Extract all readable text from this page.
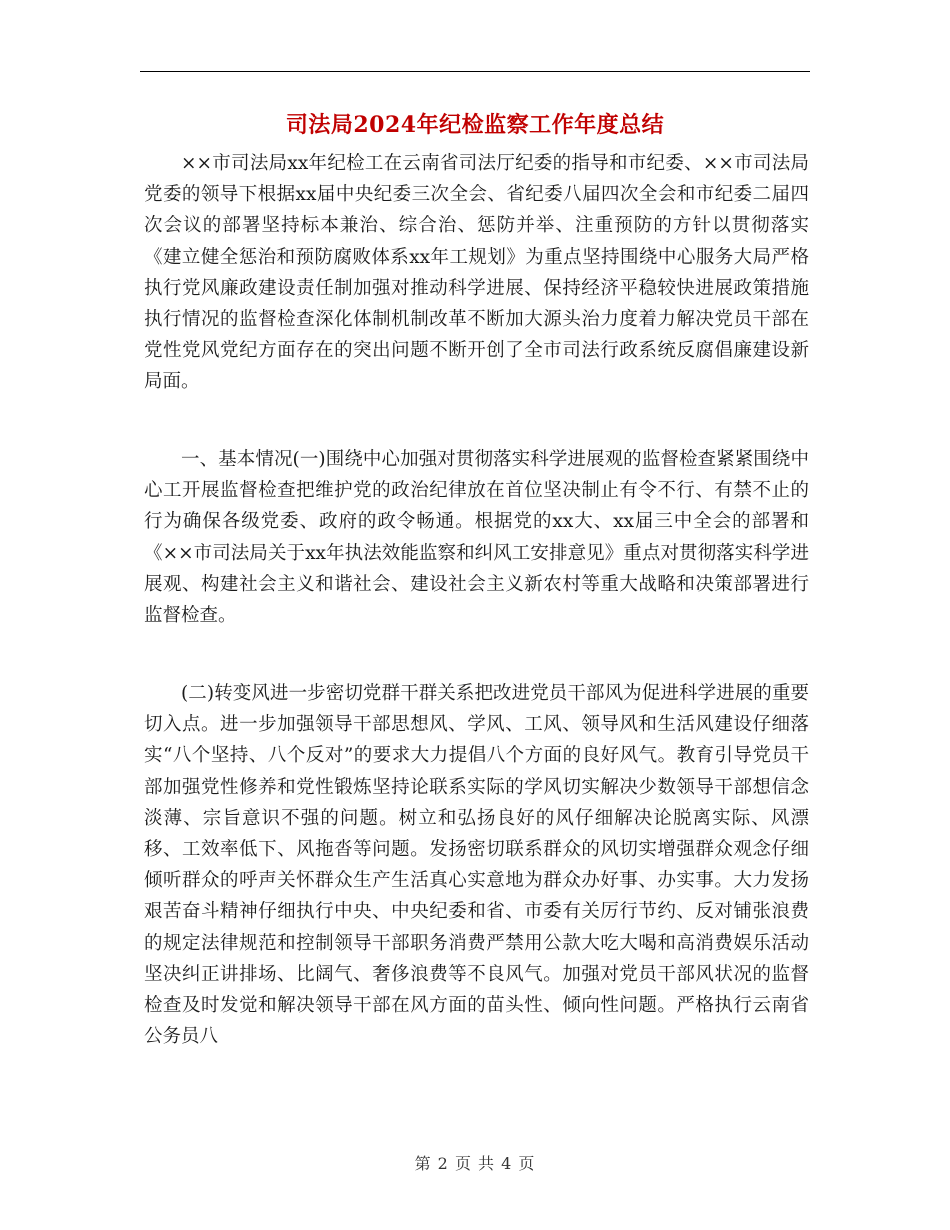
司法局2024年纪检监察工作年度总结

××市司法局xx年纪检工在云南省司法厅纪委的指导和市纪委、××市司法局党委的领导下根据xx届中央纪委三次全会、省纪委八届四次全会和市纪委二届四次会议的部署坚持标本兼治、综合治、惩防并举、注重预防的方针以贯彻落实《建立健全惩治和预防腐败体系xx年工规划》为重点坚持围绕中心服务大局严格执行党风廉政建设责任制加强对推动科学进展、保持经济平稳较快进展政策措施执行情况的监督检查深化体制机制改革不断加大源头治力度着力解决党员干部在党性党风党纪方面存在的突出问题不断开创了全市司法行政系统反腐倡廉建设新局面。

一、基本情况(一)围绕中心加强对贯彻落实科学进展观的监督检查紧紧围绕中心工开展监督检查把维护党的政治纪律放在首位坚决制止有令不行、有禁不止的行为确保各级党委、政府的政令畅通。根据党的xx大、xx届三中全会的部署和《××市司法局关于xx年执法效能监察和纠风工安排意见》重点对贯彻落实科学进展观、构建社会主义和谐社会、建设社会主义新农村等重大战略和决策部署进行监督检查。

(二)转变风进一步密切党群干群关系把改进党员干部风为促进科学进展的重要切入点。进一步加强领导干部思想风、学风、工风、领导风和生活风建设仔细落实“八个坚持、八个反对”的要求大力提倡八个方面的良好风气。教育引导党员干部加强党性修养和党性锻炼坚持论联系实际的学风切实解决少数领导干部想信念淡薄、宗旨意识不强的问题。树立和弘扬良好的风仔细解决论脱离实际、风漂移、工效率低下、风拖沓等问题。发扬密切联系群众的风切实增强群众观念仔细倾听群众的呼声关怀群众生产生活真心实意地为群众办好事、办实事。大力发扬艰苦奋斗精神仔细执行中央、中央纪委和省、市委有关厉行节约、反对铺张浪费的规定法律规范和控制领导干部职务消费严禁用公款大吃大喝和高消费娱乐活动坚决纠正讲排场、比阔气、奢侈浪费等不良风气。加强对党员干部风状况的监督检查及时发觉和解决领导干部在风方面的苗头性、倾向性问题。严格执行云南省公务员八

第 2 页 共 4 页
